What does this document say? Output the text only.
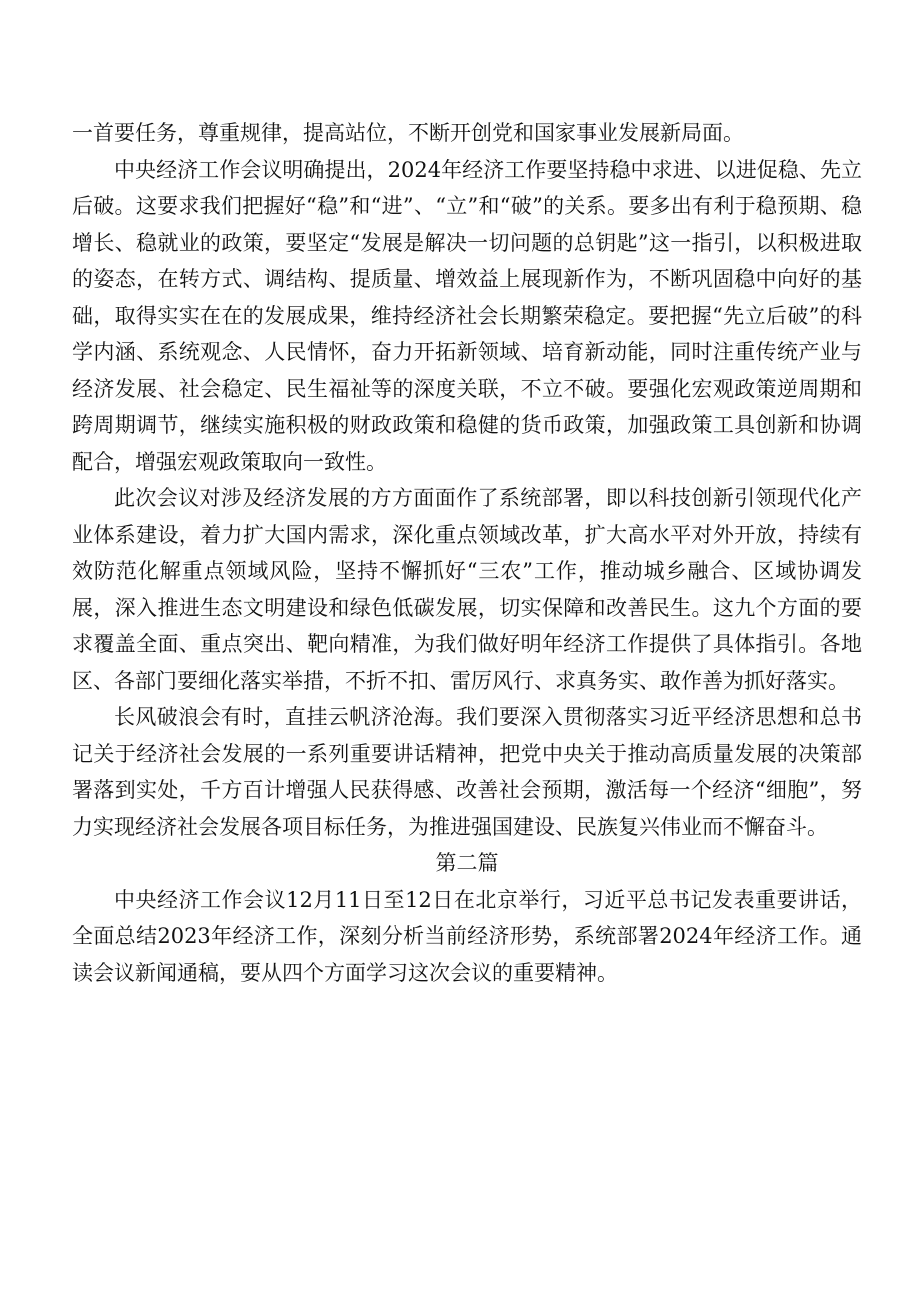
一首要任务，尊重规律，提高站位，不断开创党和国家事业发展新局面。

中央经济工作会议明确提出，2024年经济工作要坚持稳中求进、以进促稳、先立后破。这要求我们把握好“稳”和“进”、“立”和“破”的关系。要多出有利于稳预期、稳增长、稳就业的政策，要坚定“发展是解决一切问题的总钥匙”这一指引，以积极进取的姿态，在转方式、调结构、提质量、增效益上展现新作为，不断巩固稳中向好的基础，取得实实在在的发展成果，维持经济社会长期繁荣稳定。要把握“先立后破”的科学内涵、系统观念、人民情怀，奋力开拓新领域、培育新动能，同时注重传统产业与经济发展、社会稳定、民生福祉等的深度关联，不立不破。要强化宏观政策逆周期和跨周期调节，继续实施积极的财政政策和稳健的货币政策，加强政策工具创新和协调配合，增强宏观政策取向一致性。

此次会议对涉及经济发展的方方面面作了系统部署，即以科技创新引领现代化产业体系建设，着力扩大国内需求，深化重点领域改革，扩大高水平对外开放，持续有效防范化解重点领域风险，坚持不懈抓好“三农”工作，推动城乡融合、区域协调发展，深入推进生态文明建设和绿色低碳发展，切实保障和改善民生。这九个方面的要求覆盖全面、重点突出、靶向精准，为我们做好明年经济工作提供了具体指引。各地区、各部门要细化落实举措，不折不扣、雷厉风行、求真务实、敢作善为抓好落实。

长风破浪会有时，直挂云帆济沧海。我们要深入贯彻落实习近平经济思想和总书记关于经济社会发展的一系列重要讲话精神，把党中央关于推动高质量发展的决策部署落到实处，千方百计增强人民获得感、改善社会预期，激活每一个经济“细胞”，努力实现经济社会发展各项目标任务，为推进强国建设、民族复兴伟业而不懈奋斗。

第二篇

中央经济工作会议12月11日至12日在北京举行，习近平总书记发表重要讲话，全面总结2023年经济工作，深刻分析当前经济形势，系统部署2024年经济工作。通读会议新闻通稿，要从四个方面学习这次会议的重要精神。
